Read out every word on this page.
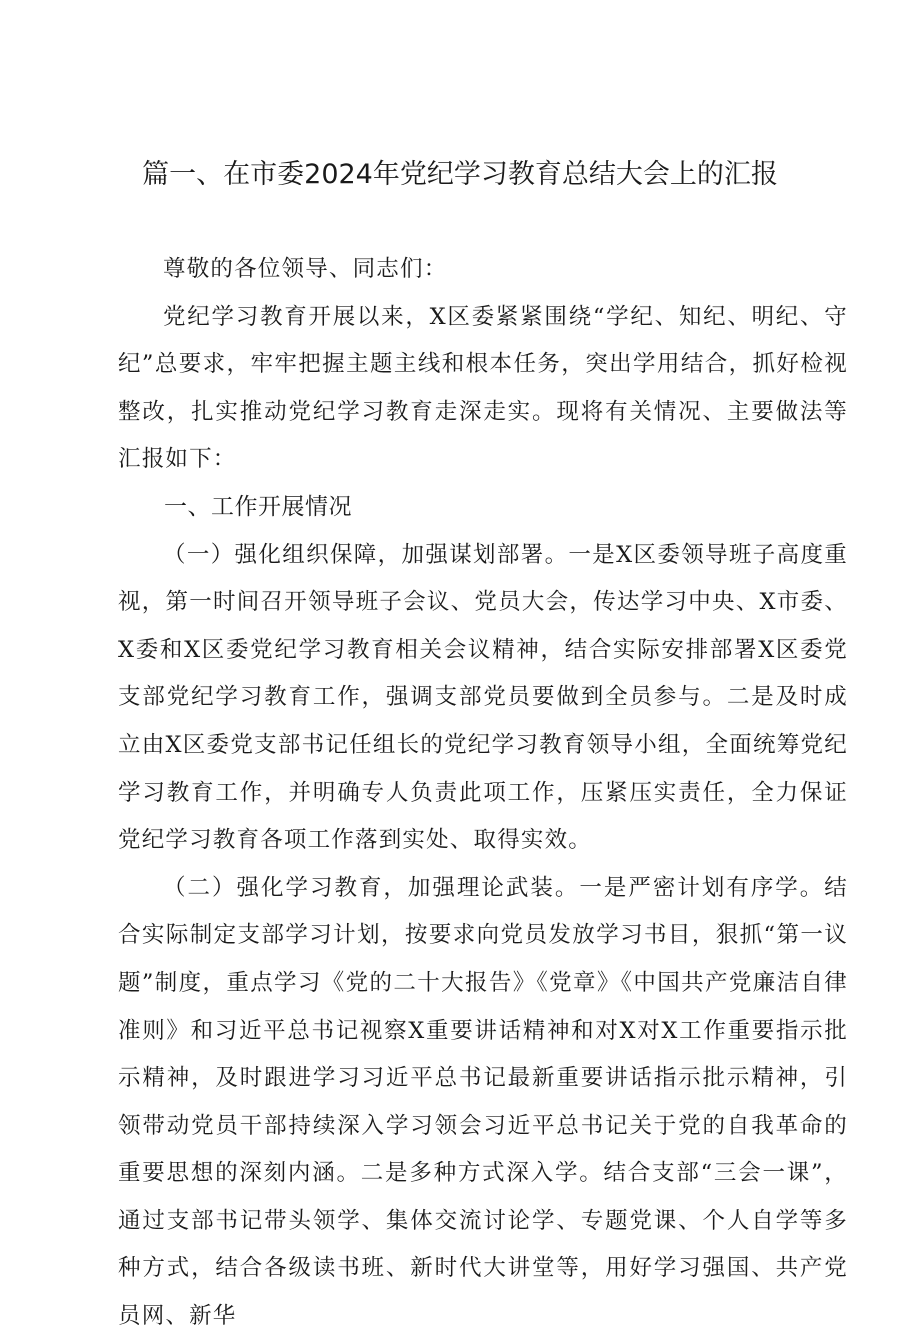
篇一、在市委2024年党纪学习教育总结大会上的汇报

尊敬的各位领导、同志们：

党纪学习教育开展以来，X区委紧紧围绕“学纪、知纪、明纪、守纪”总要求，牢牢把握主题主线和根本任务，突出学用结合，抓好检视整改，扎实推动党纪学习教育走深走实。现将有关情况、主要做法等汇报如下：

一、工作开展情况

（一）强化组织保障，加强谋划部署。一是X区委领导班子高度重视，第一时间召开领导班子会议、党员大会，传达学习中央、X市委、X委和X区委党纪学习教育相关会议精神，结合实际安排部署X区委党支部党纪学习教育工作，强调支部党员要做到全员参与。二是及时成立由X区委党支部书记任组长的党纪学习教育领导小组，全面统筹党纪学习教育工作，并明确专人负责此项工作，压紧压实责任，全力保证党纪学习教育各项工作落到实处、取得实效。

（二）强化学习教育，加强理论武装。一是严密计划有序学。结合实际制定支部学习计划，按要求向党员发放学习书目，狠抓“第一议题”制度，重点学习《党的二十大报告》《党章》《中国共产党廉洁自律准则》和习近平总书记视察X重要讲话精神和对X对X工作重要指示批示精神，及时跟进学习习近平总书记最新重要讲话指示批示精神，引领带动党员干部持续深入学习领会习近平总书记关于党的自我革命的重要思想的深刻内涵。二是多种方式深入学。结合支部“三会一课”，通过支部书记带头领学、集体交流讨论学、专题党课、个人自学等多种方式，结合各级读书班、新时代大讲堂等，用好学习强国、共产党员网、新华
